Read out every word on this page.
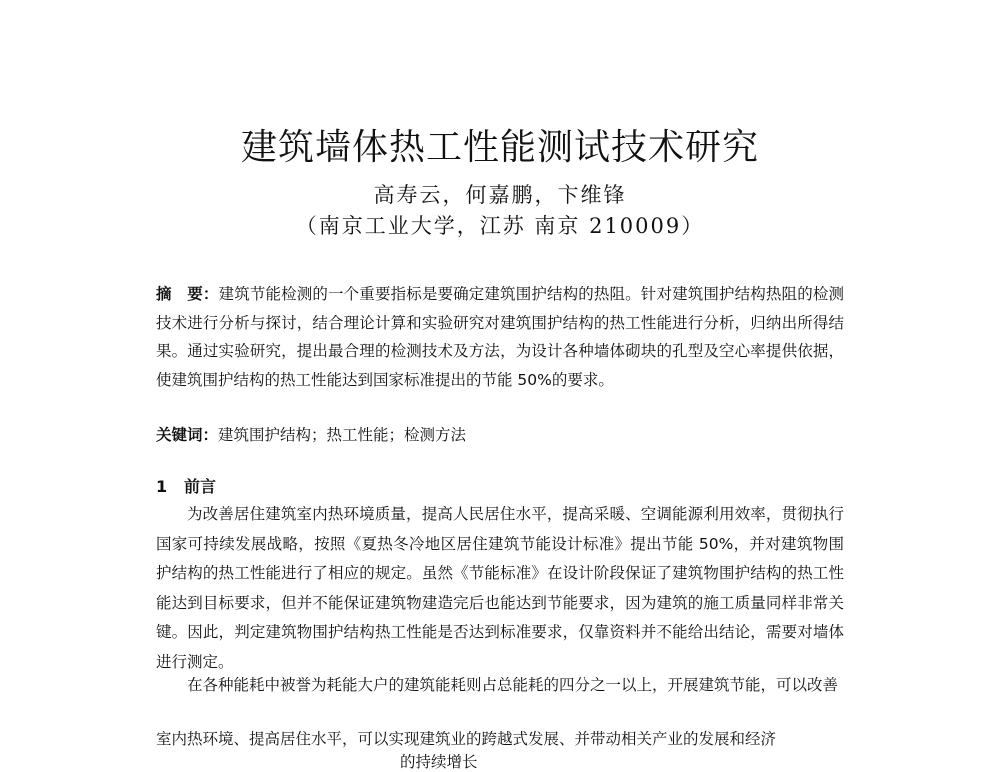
建筑墙体热工性能测试技术研究
高寿云，何嘉鹏，卞维锋
（南京工业大学，江苏 南京 210009）

摘　要：建筑节能检测的一个重要指标是要确定建筑围护结构的热阻。针对建筑围护结构热阻的检测技术进行分析与探讨，结合理论计算和实验研究对建筑围护结构的热工性能进行分析，归纳出所得结果。通过实验研究，提出最合理的检测技术及方法，为设计各种墙体砌块的孔型及空心率提供依据，使建筑围护结构的热工性能达到国家标准提出的节能 50%的要求。

关键词：建筑围护结构；热工性能；检测方法

1 前言

为改善居住建筑室内热环境质量，提高人民居住水平，提高采暖、空调能源利用效率，贯彻执行国家可持续发展战略，按照《夏热冬冷地区居住建筑节能设计标准》提出节能 50%，并对建筑物围护结构的热工性能进行了相应的规定。虽然《节能标准》在设计阶段保证了建筑物围护结构的热工性能达到目标要求，但并不能保证建筑物建造完后也能达到节能要求，因为建筑的施工质量同样非常关键。因此，判定建筑物围护结构热工性能是否达到标准要求，仅靠资料并不能给出结论，需要对墙体进行测定。

在各种能耗中被誉为耗能大户的建筑能耗则占总能耗的四分之一以上，开展建筑节能，可以改善

室内热环境、提高居住水平，可以实现建筑业的跨越式发展、并带动相关产业的发展和经济

的持续增长
